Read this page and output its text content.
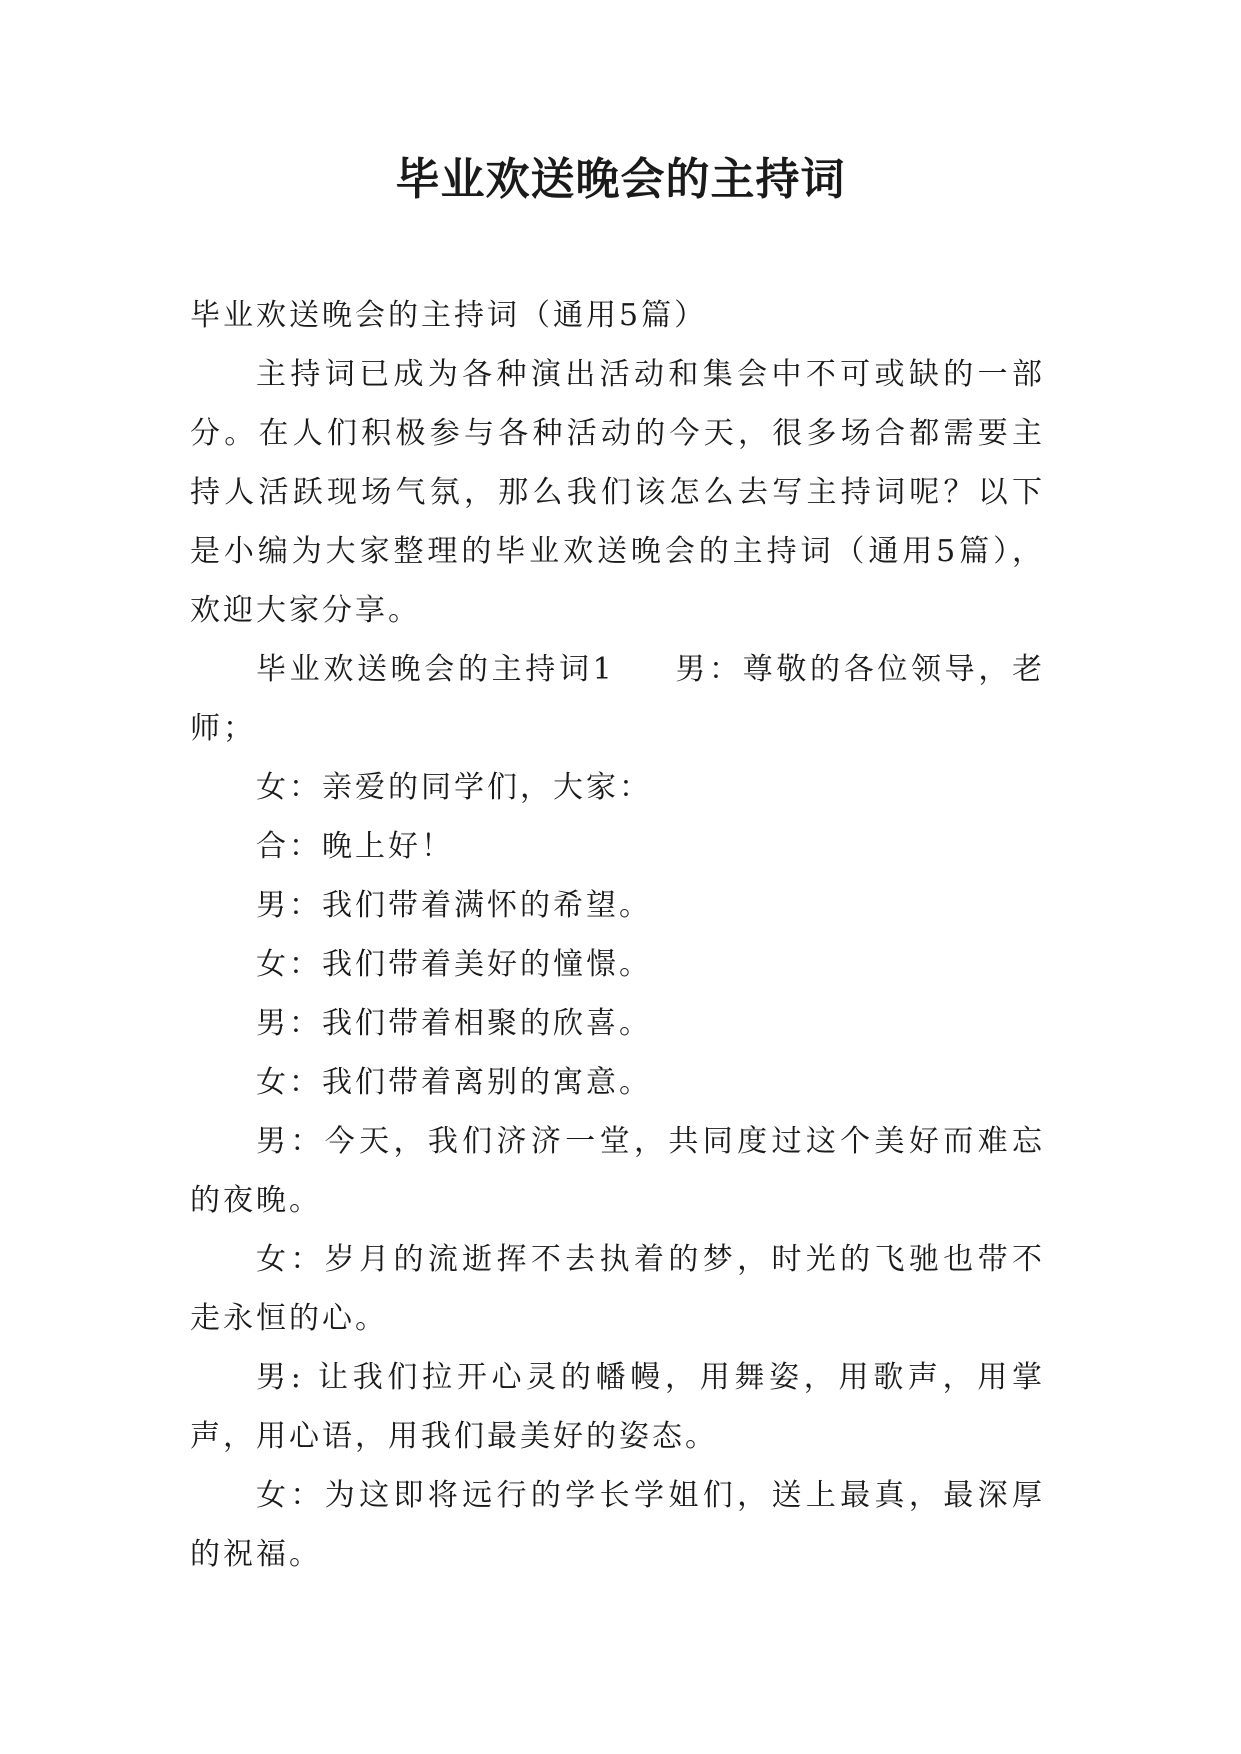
毕业欢送晚会的主持词

毕业欢送晚会的主持词（通用5篇）

主持词已成为各种演出活动和集会中不可或缺的一部分。在人们积极参与各种活动的今天，很多场合都需要主持人活跃现场气氛，那么我们该怎么去写主持词呢？以下是小编为大家整理的毕业欢送晚会的主持词（通用5篇），欢迎大家分享。

毕业欢送晚会的主持词1 男：尊敬的各位领导，老师；

女：亲爱的同学们，大家：

合：晚上好！

男：我们带着满怀的希望。

女：我们带着美好的憧憬。

男：我们带着相聚的欣喜。

女：我们带着离别的寓意。

男：今天，我们济济一堂，共同度过这个美好而难忘的夜晚。

女：岁月的流逝挥不去执着的梦，时光的飞驰也带不走永恒的心。

男: 让我们拉开心灵的幡幔，用舞姿，用歌声，用掌声，用心语，用我们最美好的姿态。

女：为这即将远行的学长学姐们，送上最真，最深厚的祝福。
